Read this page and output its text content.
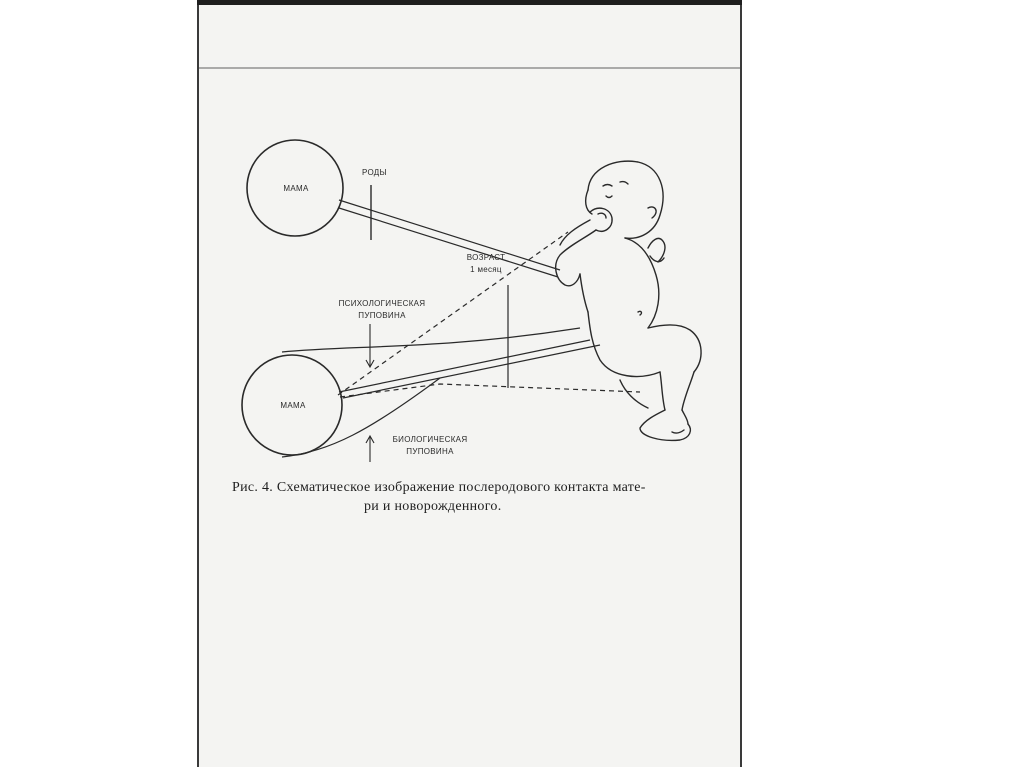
МАМА
МАМА
РОДЫ
ВОЗРАСТ
1 месяц
ПСИХОЛОГИЧЕСКАЯ
ПУПОВИНА
БИОЛОГИЧЕСКАЯ
ПУПОВИНА
Рис. 4. Схематическое изображение послеродового контакта мате-
ри и новорожденного.
